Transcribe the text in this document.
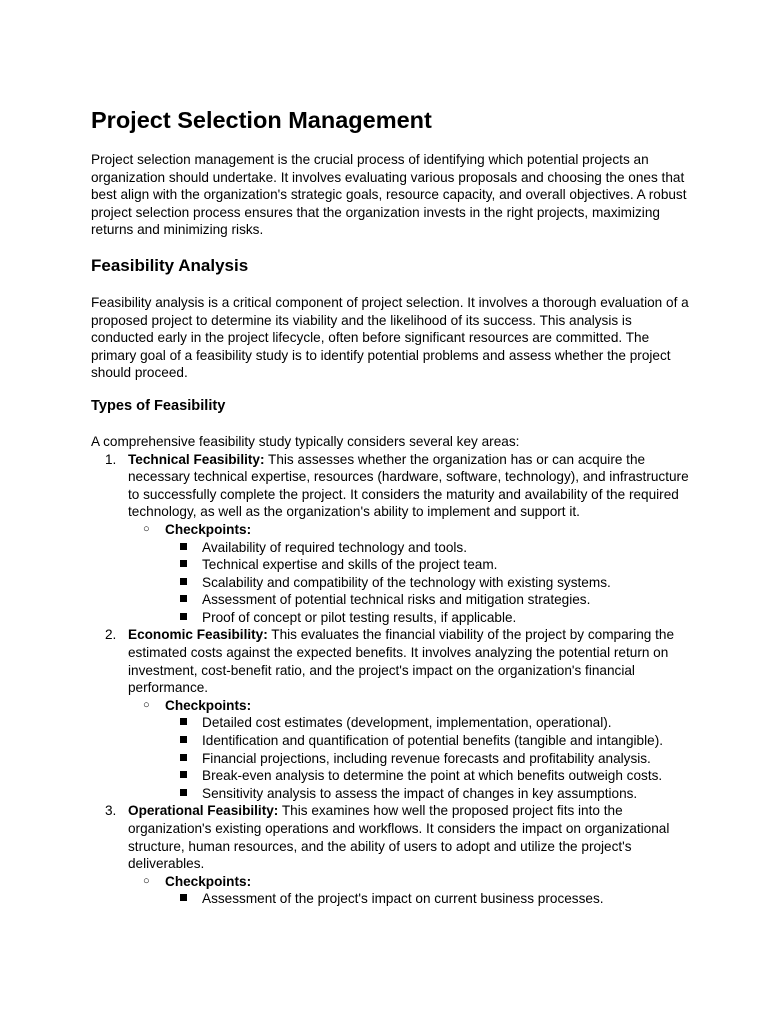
Project Selection Management

Project selection management is the crucial process of identifying which potential projects an organization should undertake. It involves evaluating various proposals and choosing the ones that best align with the organization's strategic goals, resource capacity, and overall objectives. A robust project selection process ensures that the organization invests in the right projects, maximizing returns and minimizing risks.

Feasibility Analysis

Feasibility analysis is a critical component of project selection. It involves a thorough evaluation of a proposed project to determine its viability and the likelihood of its success. This analysis is conducted early in the project lifecycle, often before significant resources are committed. The primary goal of a feasibility study is to identify potential problems and assess whether the project should proceed.

Types of Feasibility

A comprehensive feasibility study typically considers several key areas:

1. Technical Feasibility: This assesses whether the organization has or can acquire the necessary technical expertise, resources (hardware, software, technology), and infrastructure to successfully complete the project. It considers the maturity and availability of the required technology, as well as the organization's ability to implement and support it.
○ Checkpoints:
Availability of required technology and tools.
Technical expertise and skills of the project team.
Scalability and compatibility of the technology with existing systems.
Assessment of potential technical risks and mitigation strategies.
Proof of concept or pilot testing results, if applicable.
2. Economic Feasibility: This evaluates the financial viability of the project by comparing the estimated costs against the expected benefits. It involves analyzing the potential return on investment, cost-benefit ratio, and the project's impact on the organization's financial performance.
○ Checkpoints:
Detailed cost estimates (development, implementation, operational).
Identification and quantification of potential benefits (tangible and intangible).
Financial projections, including revenue forecasts and profitability analysis.
Break-even analysis to determine the point at which benefits outweigh costs.
Sensitivity analysis to assess the impact of changes in key assumptions.
3. Operational Feasibility: This examines how well the proposed project fits into the organization's existing operations and workflows. It considers the impact on organizational structure, human resources, and the ability of users to adopt and utilize the project's deliverables.
○ Checkpoints:
Assessment of the project's impact on current business processes.
